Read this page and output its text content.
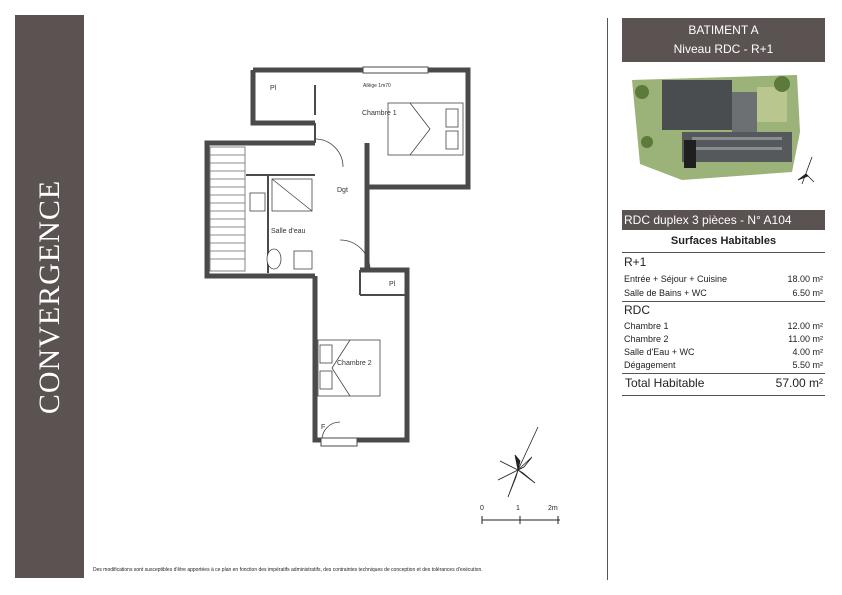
CONVERGENCE
Allège 1m70
Pl
Chambre 1
Dgt
Salle d'eau
Pl
Chambre 2
F
0	1	2m
BATIMENT A
Niveau RDC - R+1
RDC duplex 3 pièces - N° A104
Surfaces Habitables
R+1
Entrée + Séjour + Cuisine	18.00 m²
Salle de Bains + WC	6.50 m²
RDC
Chambre 1	12.00 m²
Chambre 2	11.00 m²
Salle d'Eau + WC	4.00 m²
Dégagement	5.50 m²
Total Habitable	57.00 m²
Des modifications sont susceptibles d'être apportées à ce plan en fonction des impératifs administratifs, des contraintes techniques de conception et des tolérances d'exécution.
